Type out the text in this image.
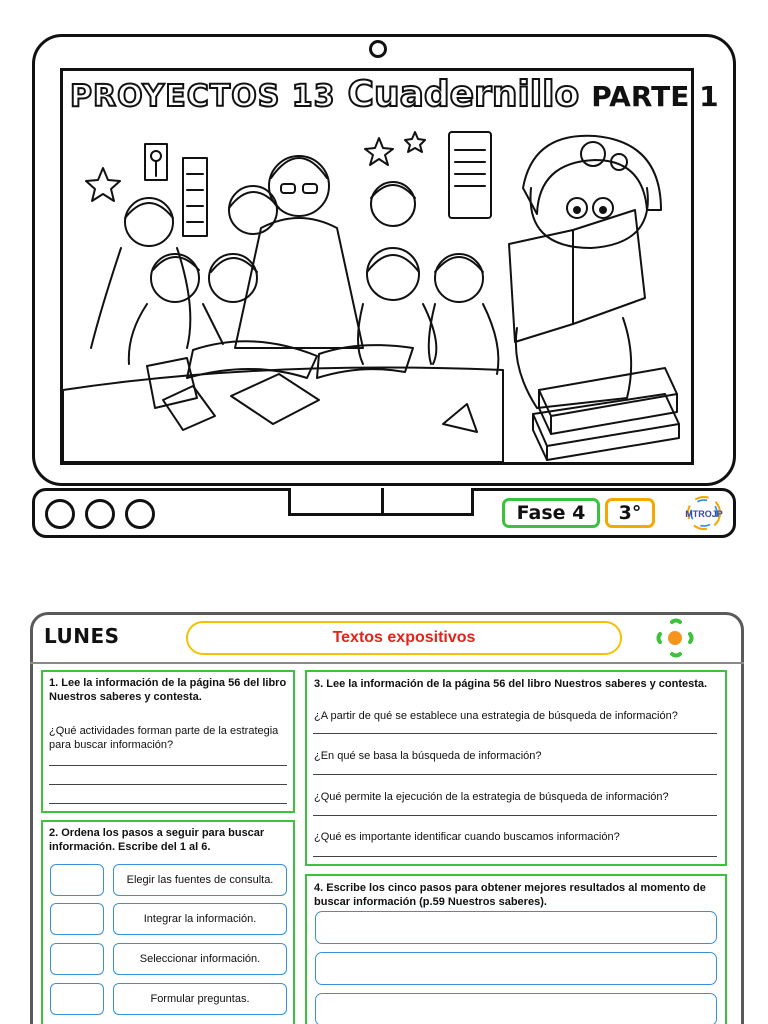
PROYECTOS 13 Cuadernillo PARTE 1
Fase 4	3°	MTROJP
LUNES	Textos expositivos

1. Lee la información de la página 56 del libro Nuestros saberes y contesta.

¿Qué actividades forman parte de la estrategia para buscar información?

2. Ordena los pasos a seguir para buscar información. Escribe del 1 al 6.

Elegir las fuentes de consulta.
Integrar la información.
Seleccionar información.
Formular preguntas.

3. Lee la información de la página 56 del libro Nuestros saberes y contesta.

¿A partir de qué se establece una estrategia de búsqueda de información?

¿En qué se basa la búsqueda de información?

¿Qué permite la ejecución de la estrategia de búsqueda de información?

¿Qué es importante identificar cuando buscamos información?

4. Escribe los cinco pasos para obtener mejores resultados al momento de buscar información (p.59 Nuestros saberes).
